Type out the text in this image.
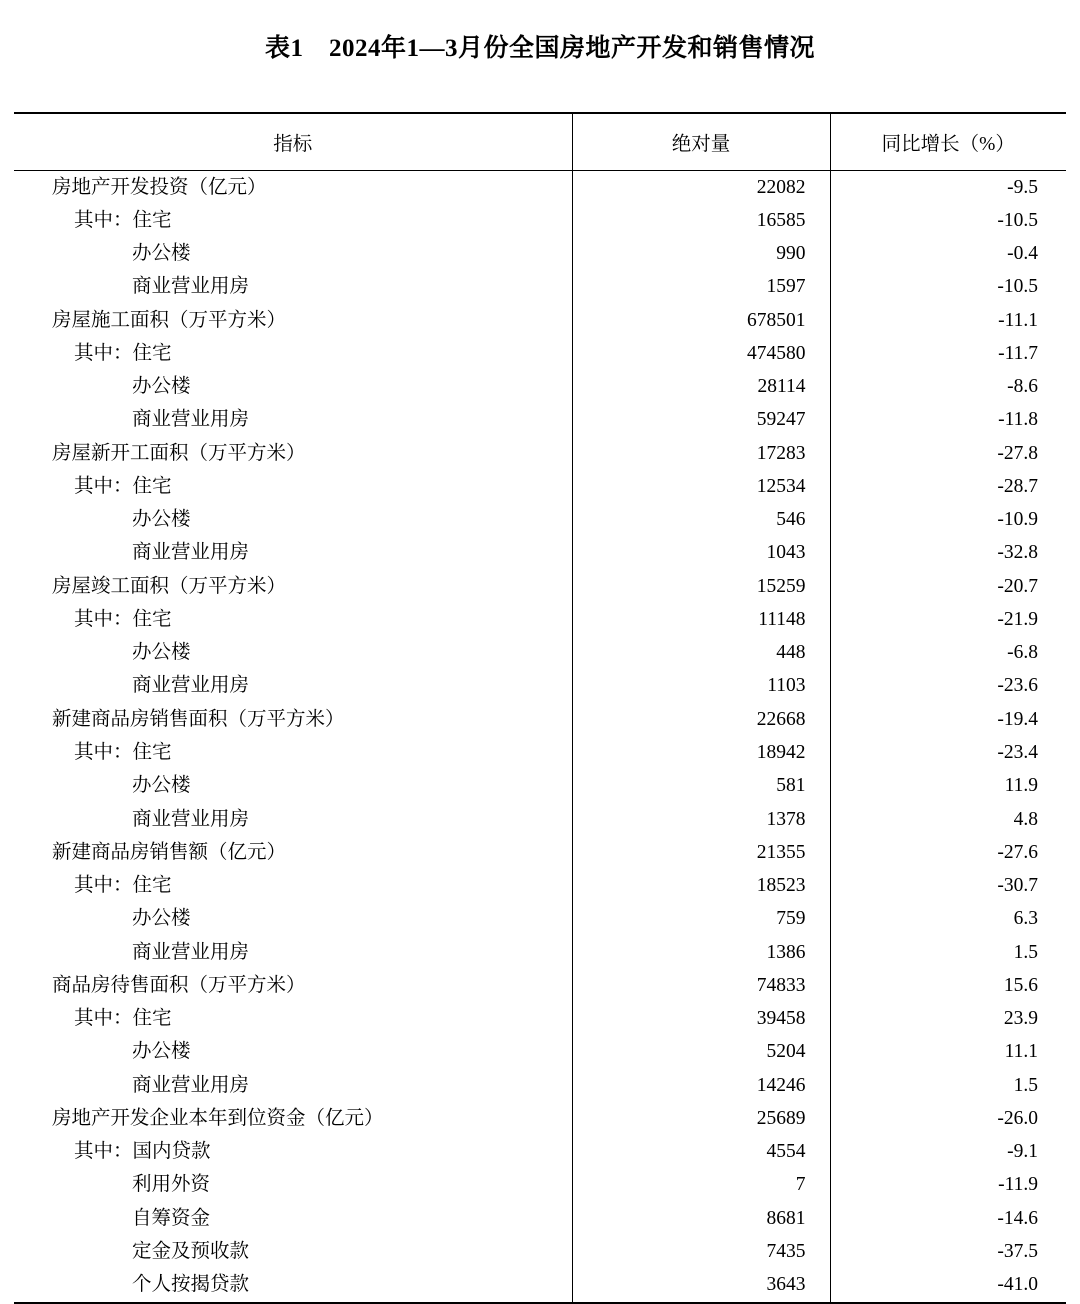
表1　2024年1—3月份全国房地产开发和销售情况
指标	绝对量	同比增长（%）
房地产开发投资（亿元）	22082	-9.5
其中：住宅	16585	-10.5
办公楼	990	-0.4
商业营业用房	1597	-10.5
房屋施工面积（万平方米）	678501	-11.1
其中：住宅	474580	-11.7
办公楼	28114	-8.6
商业营业用房	59247	-11.8
房屋新开工面积（万平方米）	17283	-27.8
其中：住宅	12534	-28.7
办公楼	546	-10.9
商业营业用房	1043	-32.8
房屋竣工面积（万平方米）	15259	-20.7
其中：住宅	11148	-21.9
办公楼	448	-6.8
商业营业用房	1103	-23.6
新建商品房销售面积（万平方米）	22668	-19.4
其中：住宅	18942	-23.4
办公楼	581	11.9
商业营业用房	1378	4.8
新建商品房销售额（亿元）	21355	-27.6
其中：住宅	18523	-30.7
办公楼	759	6.3
商业营业用房	1386	1.5
商品房待售面积（万平方米）	74833	15.6
其中：住宅	39458	23.9
办公楼	5204	11.1
商业营业用房	14246	1.5
房地产开发企业本年到位资金（亿元）	25689	-26.0
其中：国内贷款	4554	-9.1
利用外资	7	-11.9
自筹资金	8681	-14.6
定金及预收款	7435	-37.5
个人按揭贷款	3643	-41.0
